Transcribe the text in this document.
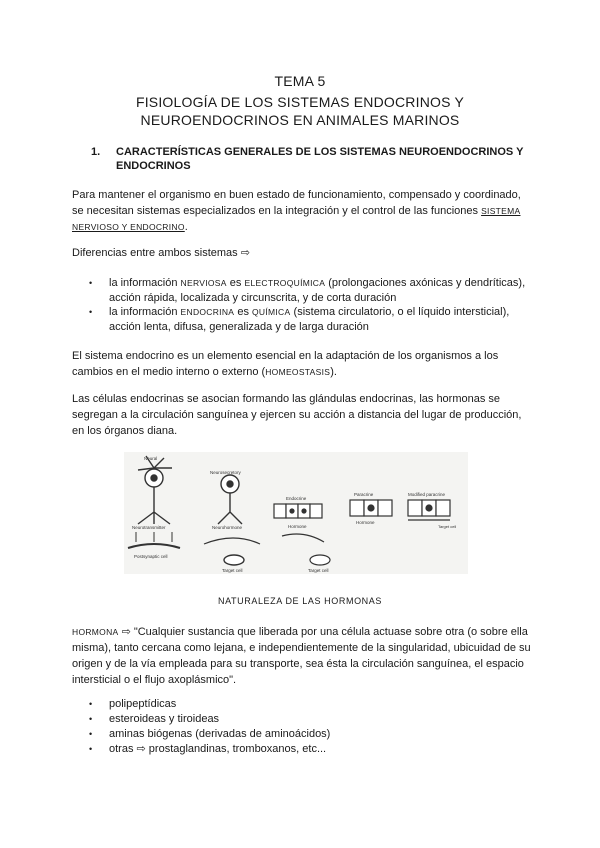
TEMA 5
FISIOLOGÍA DE LOS SISTEMAS ENDOCRINOS Y
NEUROENDOCRINOS EN ANIMALES MARINOS
1. CARACTERÍSTICAS GENERALES DE LOS SISTEMAS NEUROENDOCRINOS Y ENDOCRINOS
Para mantener el organismo en buen estado de funcionamiento, compensado y coordinado, se necesitan sistemas especializados en la integración y el control de las funciones SISTEMA NERVIOSO Y ENDOCRINO.
Diferencias entre ambos sistemas ⇨
• la información NERVIOSA es ELECTROQUÍMICA (prolongaciones axónicas y dendríticas), acción rápida, localizada y circunscrita, y de corta duración
• la información ENDOCRINA es QUÍMICA (sistema circulatorio, o el líquido intersticial), acción lenta, difusa, generalizada y de larga duración
El sistema endocrino es un elemento esencial en la adaptación de los organismos a los cambios en el medio interno o externo (HOMEOSTASIS).
Las células endocrinas se asocian formando las glándulas endocrinas, las hormonas se segregan a la circulación sanguínea y ejercen su acción a distancia del lugar de producción, en los órganos diana.
Neural
Neurotransmitter
Postsynaptic cell
Neurosecretory
Neurohormone
Target cell
Endocrine
Hormone
Target cell
Paracrine
Hormone
Modified paracrine
Target cell
NATURALEZA DE LAS HORMONAS
HORMONA ⇨ "Cualquier sustancia que liberada por una célula actuase sobre otra (o sobre ella misma), tanto cercana como lejana, e independientemente de la singularidad, ubicuidad de su origen y de la vía empleada para su transporte, sea ésta la circulación sanguínea, el espacio intersticial o el flujo axoplásmico".
• polipeptídicas
• esteroideas y tiroideas
• aminas biógenas (derivadas de aminoácidos)
• otras ⇨ prostaglandinas, tromboxanos, etc...
